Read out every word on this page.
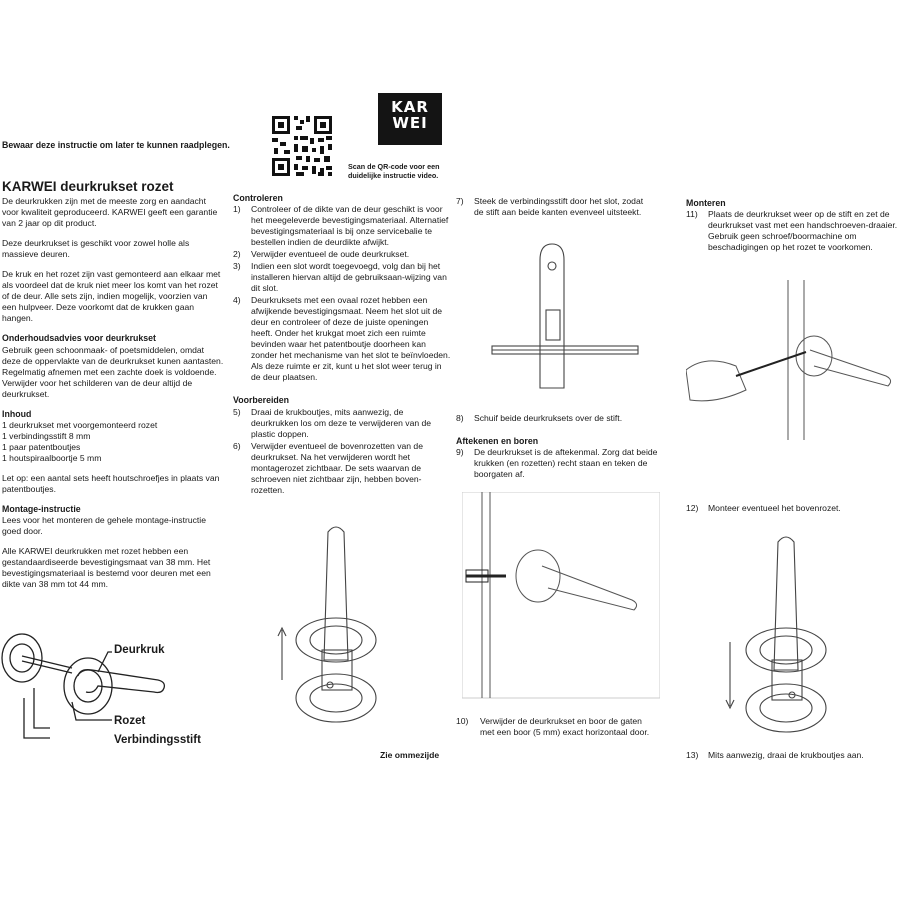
Bewaar deze instructie om later te kunnen raadplegen.
KAR
WEI
Scan de QR-code voor een
duidelijke instructie video.
KARWEI deurkrukset rozet

De deurkrukken zijn met de meeste zorg en aandacht voor kwaliteit geproduceerd. KARWEI geeft een garantie van 2 jaar op dit product.

Deze deurkrukset is geschikt voor zowel holle als massieve deuren.

De kruk en het rozet zijn vast gemonteerd aan elkaar met als voordeel dat de kruk niet meer los komt van het rozet of de deur. Alle sets zijn, indien mogelijk, voorzien van een hulpveer. Deze voorkomt dat de krukken gaan hangen.

Onderhoudsadvies voor deurkrukset

Gebruik geen schoonmaak- of poetsmiddelen, omdat deze de oppervlakte van de deurkrukset kunen aantasten. Regelmatig afnemen met een zachte doek is voldoende. Verwijder voor het schilderen van de deur altijd de deurkrukset.

Inhoud
1 deurkrukset met voorgemonteerd rozet
1 verbindingsstift 8 mm
1 paar patentboutjes
1 houtspiraalboortje 5 mm

Let op: een aantal sets heeft houtschroefjes in plaats van patentboutjes.

Montage-instructie

Lees voor het monteren de gehele montage-instructie goed door.

Alle KARWEI deurkrukken met rozet hebben een gestandaardiseerde bevestigingsmaat van 38 mm. Het bevestigingsmateriaal is bestemd voor deuren met een dikte van 38 mm tot 44 mm.

Deurkruk
Rozet
Verbindingsstift
Controleren
1)	Controleer of de dikte van de deur geschikt is voor het meegeleverde bevestigingsmateriaal. Alternatief bevestigingsmateriaal is bij onze servicebalie te bestellen indien de deurdikte afwijkt.
2)	Verwijder eventueel de oude deurkrukset.
3)	Indien een slot wordt toegevoegd, volg dan bij het installeren hiervan altijd de gebruiksaan-wijzing van dit slot.
4)	Deurkruksets met een ovaal rozet hebben een afwijkende bevestigingsmaat. Neem het slot uit de deur en controleer of deze de juiste openingen heeft. Onder het krukgat moet zich een ruimte bevinden waar het patentboutje doorheen kan zonder het mechanisme van het slot te beïnvloeden. Als deze ruimte er zit, kunt u het slot weer terug in de deur plaatsen.
Voorbereiden
5)	Draai de krukboutjes, mits aanwezig, de deurkrukken los om deze te verwijderen van de plastic doppen.
6)	Verwijder eventueel de bovenrozetten van de deurkrukset. Na het verwijderen wordt het montagerozet zichtbaar. De sets waarvan de schroeven niet zichtbaar zijn, hebben boven-rozetten.
Zie ommezijde
7)	Steek de verbindingsstift door het slot, zodat de stift aan beide kanten evenveel uitsteekt.
8)	Schuif beide deurkruksets over de stift.
Aftekenen en boren
9)	De deurkrukset is de aftekenmal. Zorg dat beide krukken (en rozetten) recht staan en teken de boorgaten af.
10)	Verwijder de deurkrukset en boor de gaten met een boor (5 mm) exact horizontaal door.
Monteren
11)	Plaats de deurkrukset weer op de stift en zet de deurkrukset vast met een handschroeven-draaier. Gebruik geen schroef/boormachine om beschadigingen op het rozet te voorkomen.
12)	Monteer eventueel het bovenrozet.
13)	Mits aanwezig, draai de krukboutjes aan.
